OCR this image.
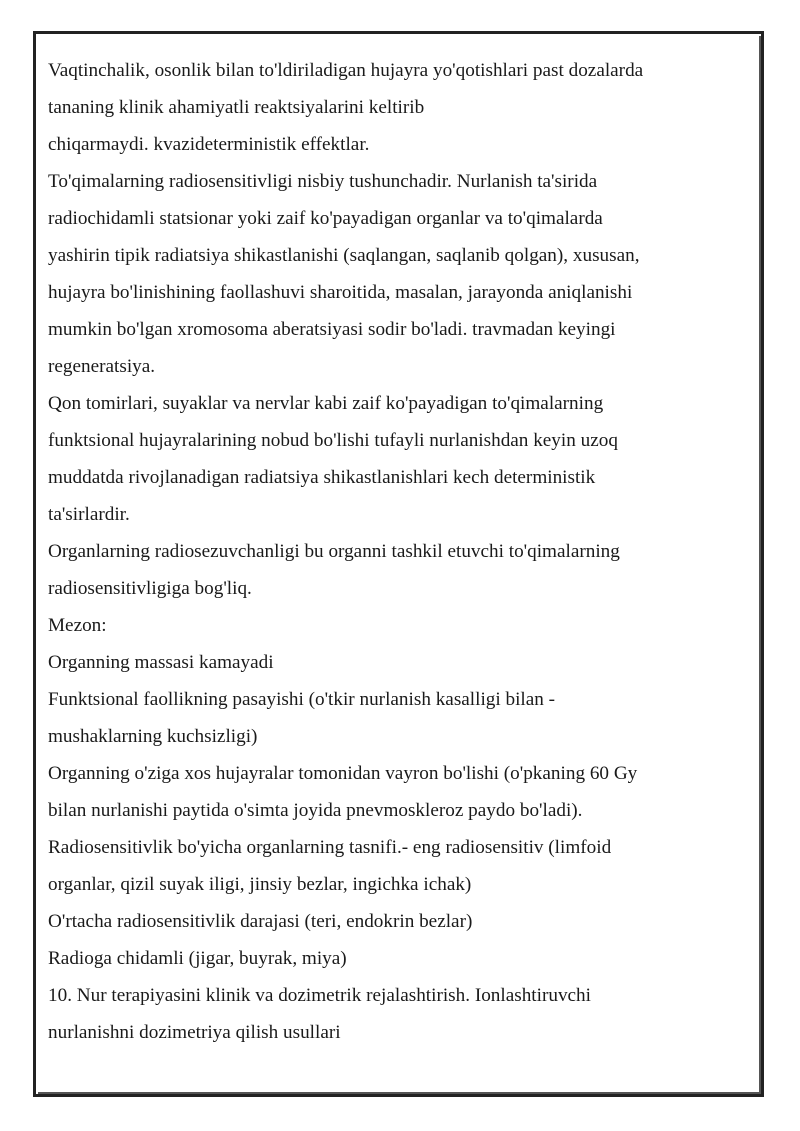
Vaqtinchalik, osonlik bilan to'ldiriladigan hujayra yo'qotishlari past dozalarda
tananing klinik ahamiyatli reaktsiyalarini keltirib
chiqarmaydi. kvazideterministik effektlar.
To'qimalarning radiosensitivligi nisbiy tushunchadir. Nurlanish ta'sirida
radiochidamli statsionar yoki zaif ko'payadigan organlar va to'qimalarda
yashirin tipik radiatsiya shikastlanishi (saqlangan, saqlanib qolgan), xususan,
hujayra bo'linishining faollashuvi sharoitida, masalan, jarayonda aniqlanishi
mumkin bo'lgan xromosoma aberatsiyasi sodir bo'ladi. travmadan keyingi
regeneratsiya.
Qon tomirlari, suyaklar va nervlar kabi zaif ko'payadigan to'qimalarning
funktsional hujayralarining nobud bo'lishi tufayli nurlanishdan keyin uzoq
muddatda rivojlanadigan radiatsiya shikastlanishlari kech deterministik
ta'sirlardir.
Organlarning radiosezuvchanligi bu organni tashkil etuvchi to'qimalarning
radiosensitivligiga bog'liq.
Mezon:
Organning massasi kamayadi
Funktsional faollikning pasayishi (o'tkir nurlanish kasalligi bilan -
mushaklarning kuchsizligi)
Organning o'ziga xos hujayralar tomonidan vayron bo'lishi (o'pkaning 60 Gy
bilan nurlanishi paytida o'simta joyida pnevmoskleroz paydo bo'ladi).
Radiosensitivlik bo'yicha organlarning tasnifi.- eng radiosensitiv (limfoid
organlar, qizil suyak iligi, jinsiy bezlar, ingichka ichak)
O'rtacha radiosensitivlik darajasi (teri, endokrin bezlar)
Radioga chidamli (jigar, buyrak, miya)
10. Nur terapiyasini klinik va dozimetrik rejalashtirish. Ionlashtiruvchi
nurlanishni dozimetriya qilish usullari
